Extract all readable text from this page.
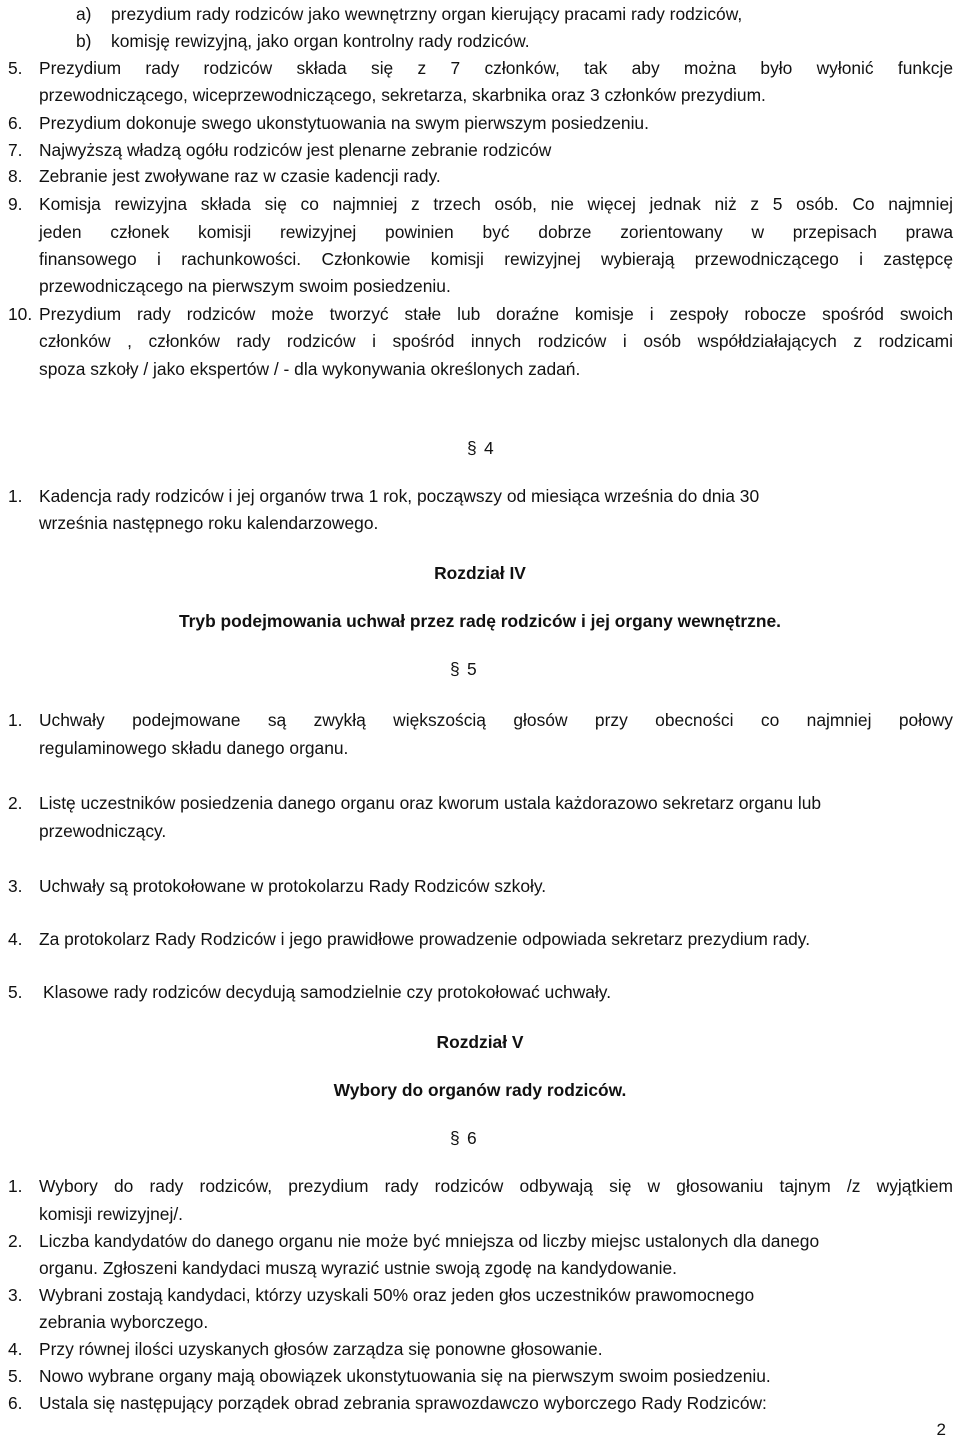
a) prezydium rady rodziców jako wewnętrzny organ kierujący pracami rady rodziców,
b) komisję rewizyjną, jako organ kontrolny rady rodziców.
5. Prezydium rady rodziców składa się z 7 członków, tak aby można było wyłonić funkcje
przewodniczącego, wiceprzewodniczącego, sekretarza, skarbnika oraz 3 członków prezydium.
6. Prezydium dokonuje swego ukonstytuowania na swym pierwszym posiedzeniu.
7. Najwyższą władzą ogółu rodziców jest plenarne zebranie rodziców
8. Zebranie jest zwoływane raz w czasie kadencji rady.
9. Komisja rewizyjna składa się co najmniej z trzech osób, nie więcej jednak niż z 5 osób. Co najmniej
jeden członek komisji rewizyjnej powinien być dobrze zorientowany w przepisach prawa
finansowego i rachunkowości. Członkowie komisji rewizyjnej wybierają przewodniczącego i zastępcę
przewodniczącego na pierwszym swoim posiedzeniu.
10. Prezydium rady rodziców może tworzyć stałe lub doraźne komisje i zespoły robocze spośród swoich
członków , członków rady rodziców i spośród innych rodziców i osób współdziałających z rodzicami
spoza szkoły / jako ekspertów / - dla wykonywania określonych zadań.
§ 4
1. Kadencja rady rodziców i jej organów trwa 1 rok, począwszy od miesiąca września do dnia 30
września następnego roku kalendarzowego.
Rozdział IV
Tryb podejmowania uchwał przez radę rodziców i jej organy wewnętrzne.
§ 5
1. Uchwały podejmowane są zwykłą większością głosów przy obecności co najmniej połowy
regulaminowego składu danego organu.
2. Listę uczestników posiedzenia danego organu oraz kworum ustala każdorazowo sekretarz organu lub
przewodniczący.
3. Uchwały są protokołowane w protokolarzu Rady Rodziców szkoły.
4. Za protokolarz Rady Rodziców i jego prawidłowe prowadzenie odpowiada sekretarz prezydium rady.
5. Klasowe rady rodziców decydują samodzielnie czy protokołować uchwały.
Rozdział V
Wybory do organów rady rodziców.
§ 6
1. Wybory do rady rodziców, prezydium rady rodziców odbywają się w głosowaniu tajnym /z wyjątkiem
komisji rewizyjnej/.
2. Liczba kandydatów do danego organu nie może być mniejsza od liczby miejsc ustalonych dla danego
organu. Zgłoszeni kandydaci muszą wyrazić ustnie swoją zgodę na kandydowanie.
3. Wybrani zostają kandydaci, którzy uzyskali 50% oraz jeden głos uczestników prawomocnego
zebrania wyborczego.
4. Przy równej ilości uzyskanych głosów zarządza się ponowne głosowanie.
5. Nowo wybrane organy mają obowiązek ukonstytuowania się na pierwszym swoim posiedzeniu.
6. Ustala się następujący porządek obrad zebrania sprawozdawczo wyborczego Rady Rodziców:
2
